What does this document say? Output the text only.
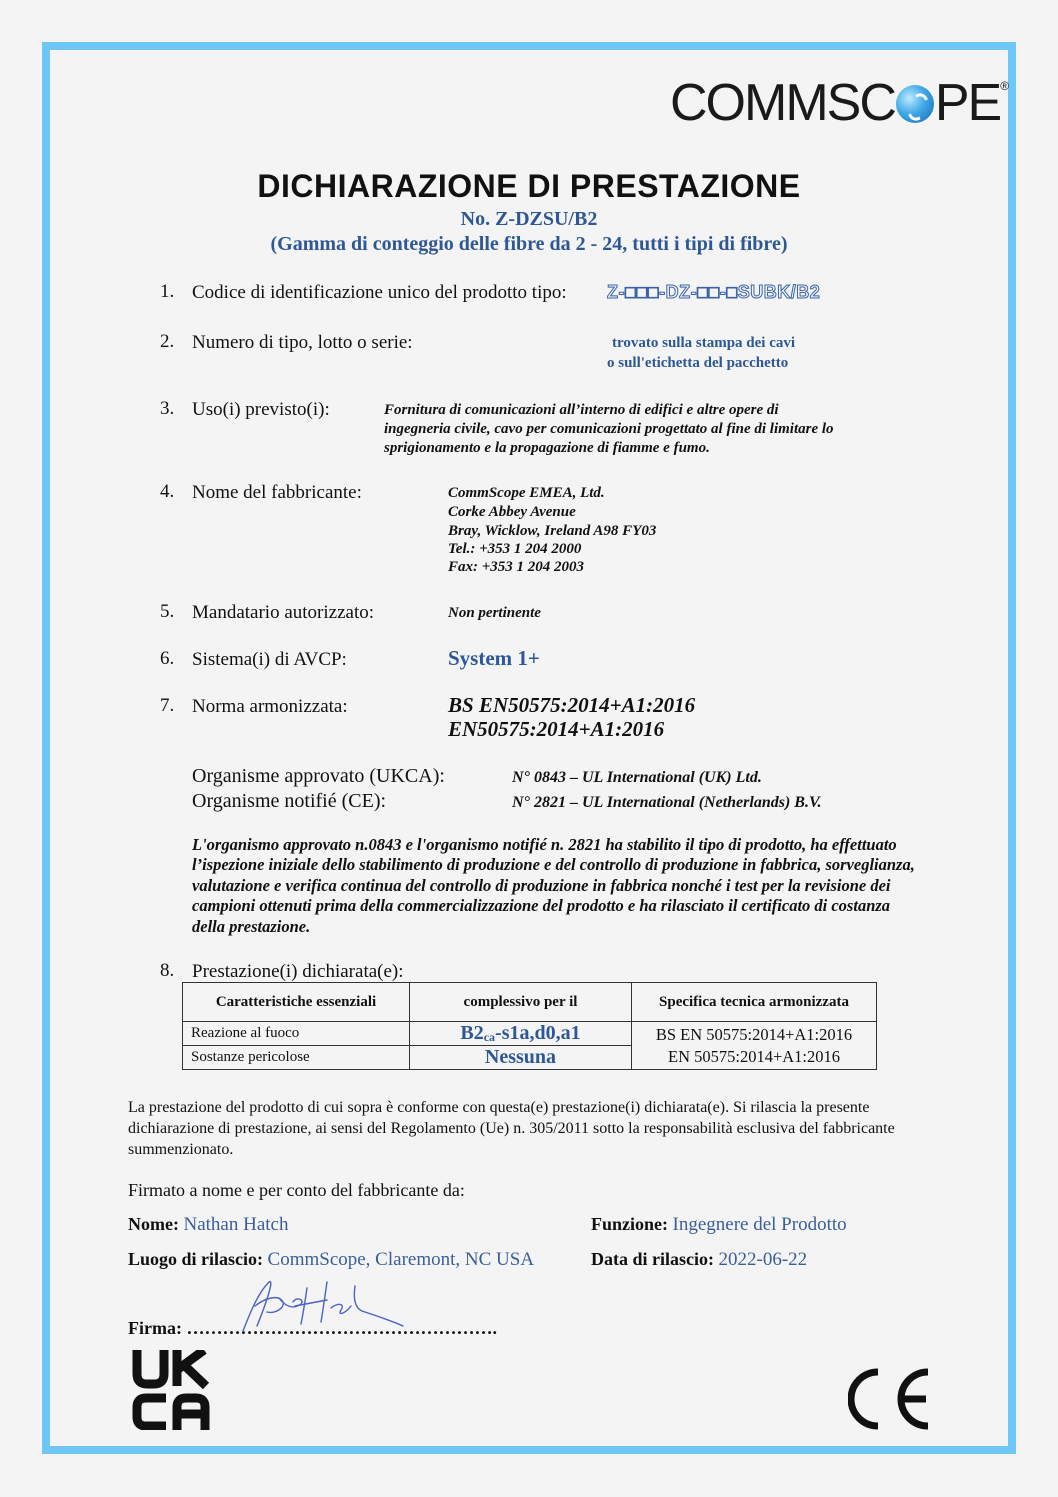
COMMSC PE®
DICHIARAZIONE DI PRESTAZIONE
No. Z-DZSU/B2
(Gamma di conteggio delle fibre da 2 - 24, tutti i tipi di fibre)
1. Codice di identificazione unico del prodotto tipo: Z-□□□-DZ-□□-□SUBK/B2
2. Numero di tipo, lotto o serie:	trovato sulla stampa dei cavi
o sull'etichetta del pacchetto
3. Uso(i) previsto(i):	Fornitura di comunicazioni all’interno di edifici e altre opere di
ingegneria civile, cavo per comunicazioni progettato al fine di limitare lo
sprigionamento e la propagazione di fiamme e fumo.
4. Nome del fabbricante:	CommScope EMEA, Ltd.
Corke Abbey Avenue
Bray, Wicklow, Ireland A98 FY03
Tel.: +353 1 204 2000
Fax: +353 1 204 2003
5. Mandatario autorizzato:	Non pertinente
6. Sistema(i) di AVCP:	System 1+
7. Norma armonizzata:	BS EN50575:2014+A1:2016
EN50575:2014+A1:2016
Organisme approvato (UKCA):	N° 0843 – UL International (UK) Ltd.
Organisme notifié (CE):	N° 2821 – UL International (Netherlands) B.V.
L'organismo approvato n.0843 e l'organismo notifié n. 2821 ha stabilito il tipo di prodotto, ha effettuato l’ispezione iniziale dello stabilimento di produzione e del controllo di produzione in fabbrica, sorveglianza, valutazione e verifica continua del controllo di produzione in fabbrica nonché i test per la revisione dei campioni ottenuti prima della commercializzazione del prodotto e ha rilasciato il certificato di costanza della prestazione.
8. Prestazione(i) dichiarata(e):
Caratteristiche essenziali	complessivo per il	Specifica tecnica armonizzata
Reazione al fuoco	$B2_{ca}-s1a,d0,a1$	BS EN 50575:2014+A1:2016
EN 50575:2014+A1:2016

Sostanze pericolose	Nessuna	
La prestazione del prodotto di cui sopra è conforme con questa(e) prestazione(i) dichiarata(e). Si rilascia la presente dichiarazione di prestazione, ai sensi del Regolamento (Ue) n. 305/2011 sotto la responsabilità esclusiva del fabbricante summenzionato.
Firmato a nome e per conto del fabbricante da:
Nome: Nathan Hatch	Funzione: Ingegnere del Prodotto
Luogo di rilascio: CommScope, Claremont, NC USA	Data di rilascio: 2022-06-22
Firma: …………………………………………….
